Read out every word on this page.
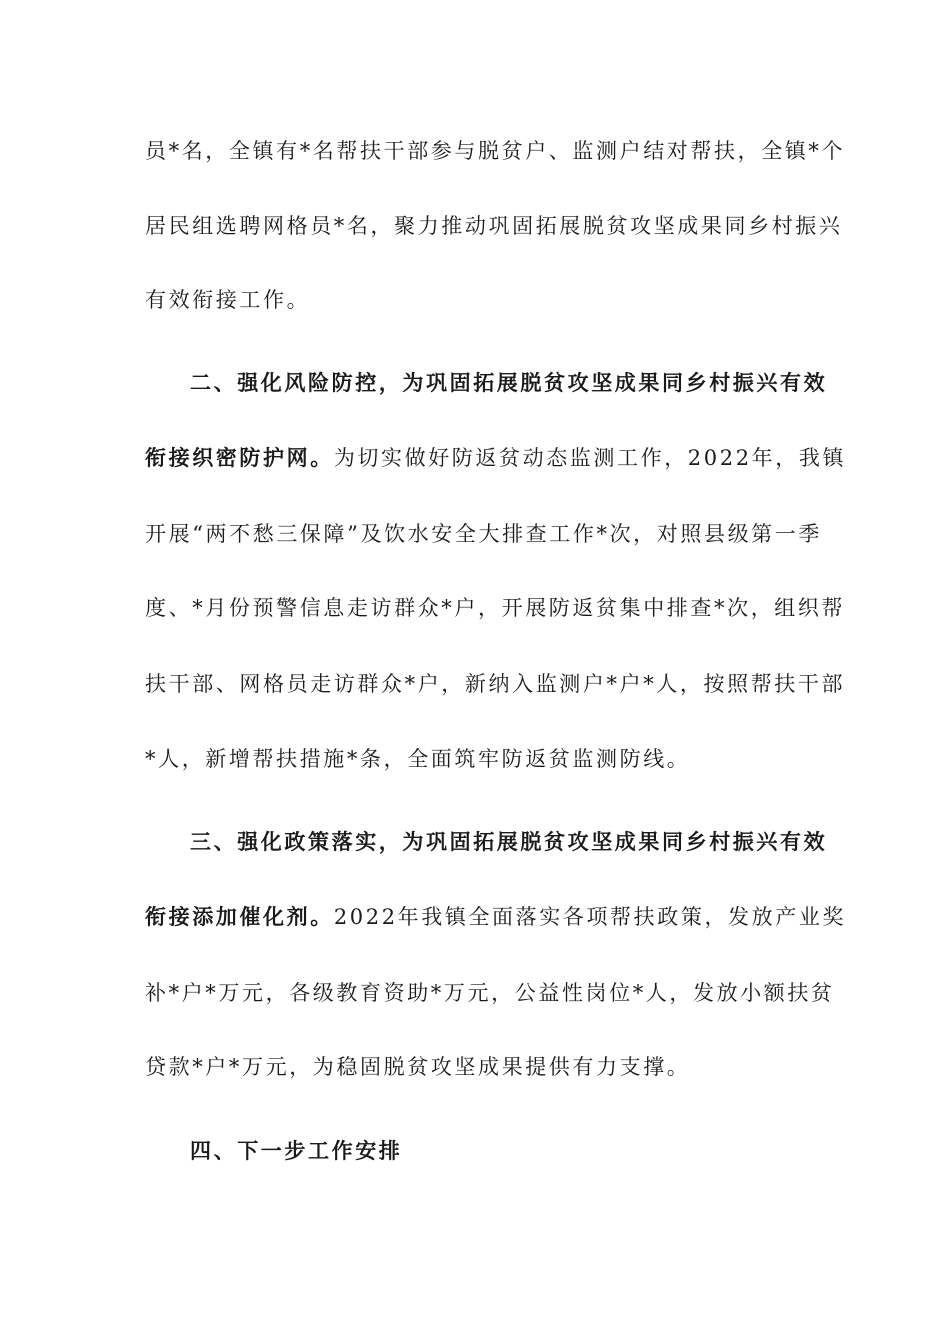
员*名，全镇有*名帮扶干部参与脱贫户、监测户结对帮扶，全镇*个
居民组选聘网格员*名，聚力推动巩固拓展脱贫攻坚成果同乡村振兴
有效衔接工作。
二、强化风险防控，为巩固拓展脱贫攻坚成果同乡村振兴有效
衔接织密防护网。为切实做好防返贫动态监测工作，2022年，我镇
开展“两不愁三保障”及饮水安全大排查工作*次，对照县级第一季
度、*月份预警信息走访群众*户，开展防返贫集中排查*次，组织帮
扶干部、网格员走访群众*户，新纳入监测户*户*人，按照帮扶干部
*人，新增帮扶措施*条，全面筑牢防返贫监测防线。
三、强化政策落实，为巩固拓展脱贫攻坚成果同乡村振兴有效
衔接添加催化剂。2022年我镇全面落实各项帮扶政策，发放产业奖
补*户*万元，各级教育资助*万元，公益性岗位*人，发放小额扶贫
贷款*户*万元，为稳固脱贫攻坚成果提供有力支撑。
四、下一步工作安排
